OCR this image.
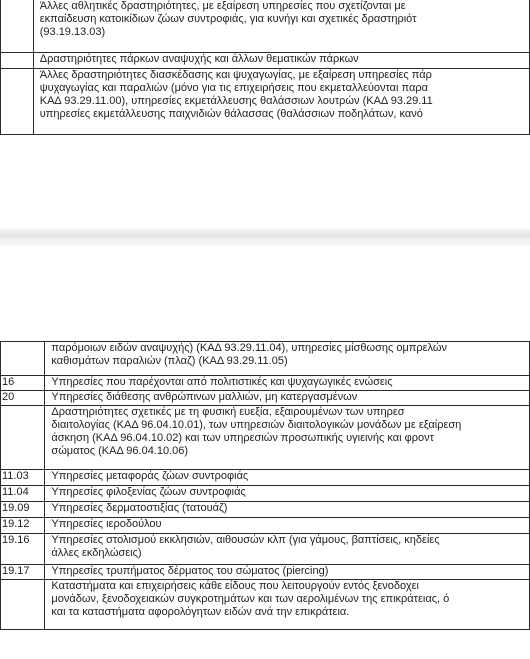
	Άλλες αθλητικές δραστηριότητες, με εξαίρεση υπηρεσίες που σχετίζονται με
εκπαίδευση κατοικίδιων ζώων συντροφιάς, για κυνήγι και σχετικές δραστηριότ
(93.19.13.03)

	Δραστηριότητες πάρκων αναψυχής και άλλων θεματικών πάρκων

	Άλλες δραστηριότητες διασκέδασης και ψυχαγωγίας, με εξαίρεση υπηρεσίες πάρ
ψυχαγωγίας και παραλιών (μόνο για τις επιχειρήσεις που εκμεταλλεύονται παρα
ΚΑΔ 93.29.11.00), υπηρεσίες εκμετάλλευσης θαλάσσιων λουτρών (ΚΑΔ 93.29.11
υπηρεσίες εκμετάλλευσης παιχνιδιών θάλασσας (θαλάσσιων ποδηλάτων, κανό

	παρόμοιων ειδών αναψυχής) (ΚΑΔ 93.29.11.04), υπηρεσίες μίσθωσης ομπρελών
καθισμάτων παραλιών (πλαζ) (ΚΑΔ 93.29.11.05)

16	Υπηρεσίες που παρέχονται από πολιτιστικές και ψυχαγωγικές ενώσεις

20	Υπηρεσίες διάθεσης ανθρώπινων μαλλιών, μη κατεργασμένων

	Δραστηριότητες σχετικές με τη φυσική ευεξία, εξαιρουμένων των υπηρεσ
διαιτολογίας (ΚΑΔ 96.04.10.01), των υπηρεσιών διαιτολογικών μονάδων με εξαίρεση
άσκηση (ΚΑΔ 96.04.10.02) και των υπηρεσιών προσωπικής υγιεινής και φροντ
σώματος (ΚΑΔ 96.04.10.06)

11.03	Υπηρεσίες μεταφοράς ζώων συντροφιάς

11.04	Υπηρεσίες φιλοξενίας ζώων συντροφιάς

19.09	Υπηρεσίες δερματοστιξίας (τατουάζ)

19.12	Υπηρεσίες ιεροδούλου

19.16	Υπηρεσίες στολισμού εκκλησιών, αιθουσών κλπ (για γάμους, βαπτίσεις, κηδείες
άλλες εκδηλώσεις)

19.17	Υπηρεσίες τρυπήματος δέρματος του σώματος (piercing)

	Καταστήματα και επιχειρήσεις κάθε είδους που λειτουργούν εντός ξενοδοχει
μονάδων, ξενοδοχειακών συγκροτημάτων και των αερολιμένων της επικράτειας, ό
και τα καταστήματα αφορολόγητων ειδών ανά την επικράτεια.
